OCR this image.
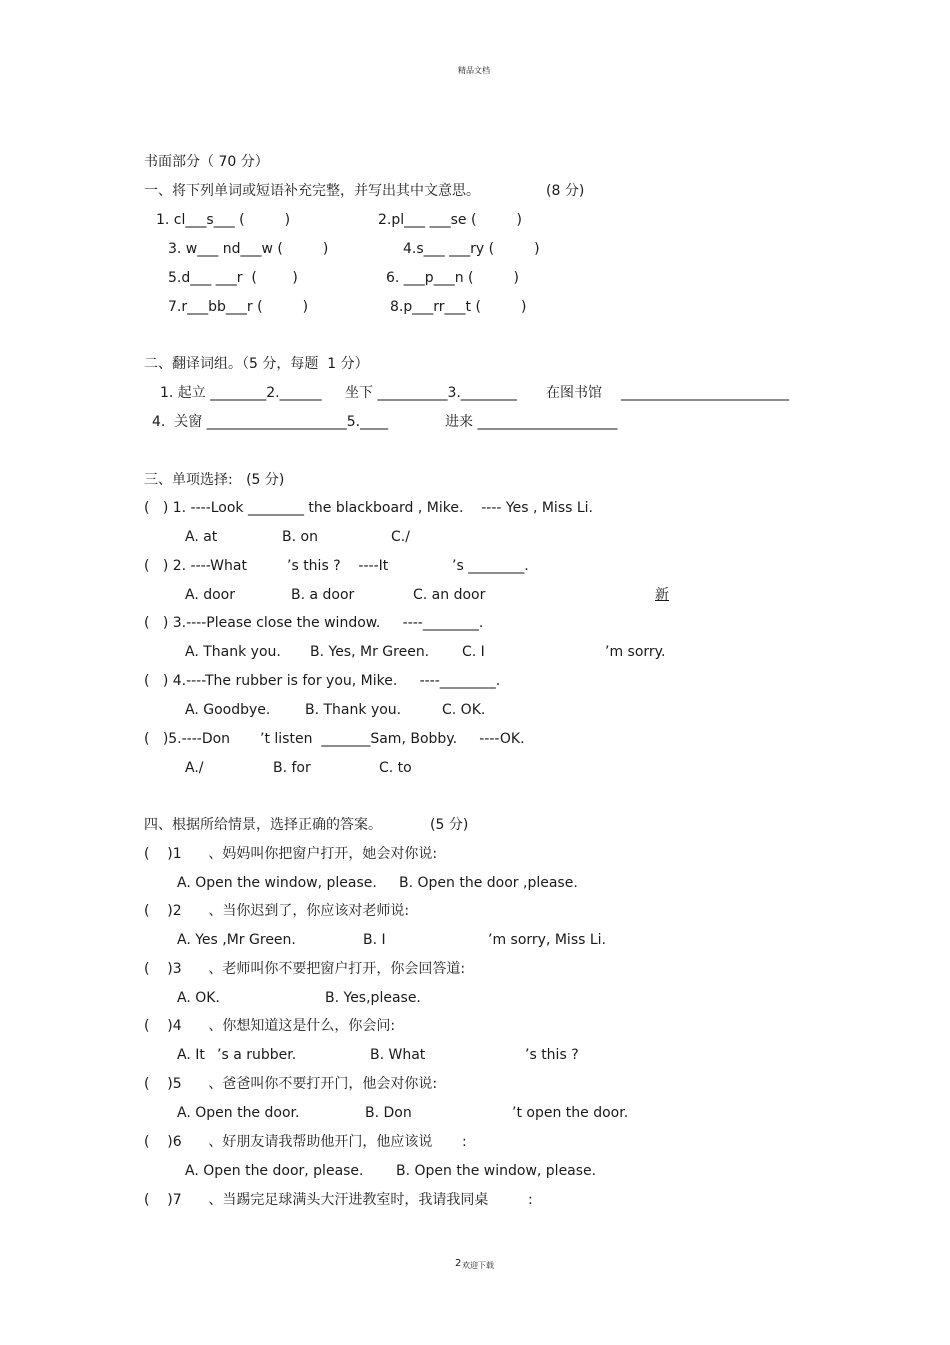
精品文档
书面部分（ 70 分）
一、将下列单词或短语补充完整，并写出其中文意思。	(8 分)
1. cl___s___ (         )	2.pl___ ___se (         )
3. w___ nd___w (         )	4.s___ ___ry (         )
5.d___ ___r  (        )	6. ___p___n (         )
7.r___bb___r (         )	8.p___rr___t (         )
二、翻译词组。（5 分，每题  1 分）
1. 起立 ________2.______ 坐下 __________3.________ 在图书馆 ________________________
4.  关窗 ____________________5.____	进来 ____________________
三、单项选择:   (5 分)
(   ) 1. ----Look ________ the blackboard , Mike.    ---- Yes , Miss Li.
A. at	B. on	C./
(   ) 2. ----What	’s this ?    ----It	’s ________.
A. door	B. a door	C. an door	新
(   ) 3.----Please close the window.     ----________.
A. Thank you. B. Yes, Mr Green. C. I	’m sorry.
(   ) 4.----The rubber is for you, Mike.     ----________.
A. Goodbye. B. Thank you.	C. OK.
(   )5.----Don ’t listen  _______Sam, Bobby.     ----OK.
A./	B. for	C. to
四、根据所给情景，选择正确的答案。	(5 分)
(    )1      、妈妈叫你把窗户打开，她会对你说:
A. Open the window, please. B. Open the door ,please.
(    )2      、当你迟到了，你应该对老师说:
A. Yes ,Mr Green.	B. I	’m sorry, Miss Li.
(    )3      、老师叫你不要把窗户打开，你会回答道:
A. OK.	B. Yes,please.
(    )4      、你想知道这是什么，你会问:
A. It ’s a rubber.	B. What	’s this ?
(    )5      、爸爸叫你不要打开门，他会对你说:
A. Open the door.	B. Don	’t open the door.
(    )6      、好朋友请我帮助他开门，他应该说 :
A. Open the door, please. B. Open the window, please.
(    )7      、当踢完足球满头大汗进教室时，我请我同桌	:
2 欢迎下载
